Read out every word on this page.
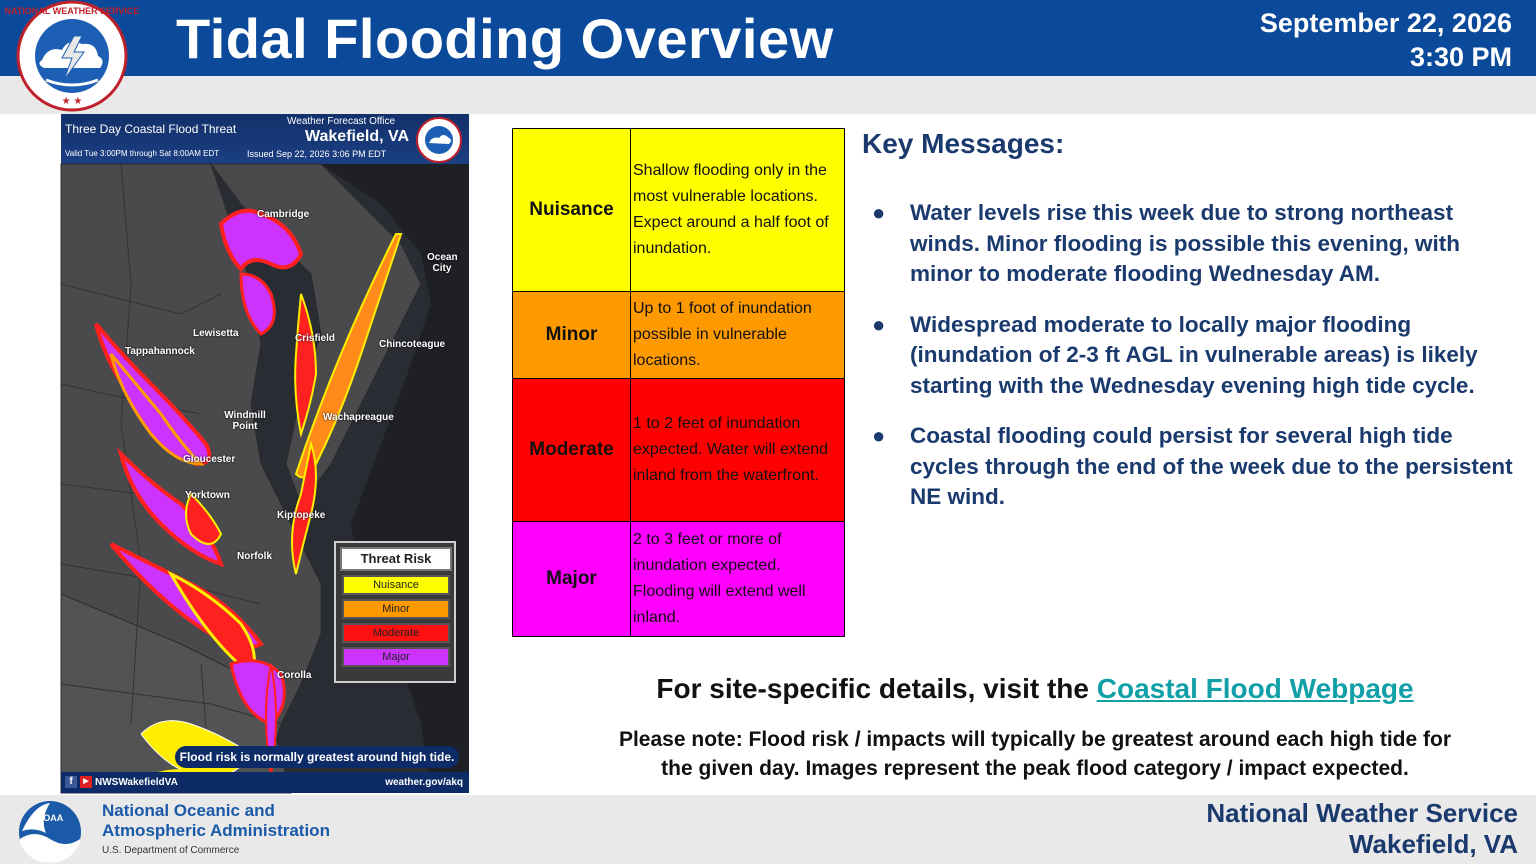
NATIONAL WEATHER SERVICE
★ ★
Tidal Flooding Overview	September 22, 2026
3:30 PM
Three Day Coastal Flood Threat
Valid Tue 3:00PM through Sat 8:00AM EDT
Weather Forecast Office
Wakefield, VA
Issued Sep 22, 2026 3:06 PM EDT
Cambridge
Ocean City
Lewisetta
Tappahannock
Crisfield
Chincoteague
Windmill Point
Wachapreague
Gloucester
Yorktown
Kiptopeke
Norfolk
Corolla
Threat Risk
Nuisance
Minor
Moderate
Major
Flood risk is normally greatest around high tide.
f	▶ NWSWakefieldVA	weather.gov/akq
Nuisance	Shallow flooding only in the most vulnerable locations. Expect around a half foot of inundation.
Minor	Up to 1 foot of inundation possible in vulnerable locations.
Moderate	1 to 2 feet of inundation expected. Water will extend inland from the waterfront.
Major	2 to 3 feet or more of inundation expected. Flooding will extend well inland.
Key Messages:
● Water levels rise this week due to strong northeast winds. Minor flooding is possible this evening, with minor to moderate flooding Wednesday AM.
● Widespread moderate to locally major flooding (inundation of 2-3 ft AGL in vulnerable areas) is likely starting with the Wednesday evening high tide cycle.
● Coastal flooding could persist for several high tide cycles through the end of the week due to the persistent NE wind.
For site-specific details, visit the Coastal Flood Webpage
Please note: Flood risk / impacts will typically be greatest around each high tide for
the given day. Images represent the peak flood category / impact expected.
NOAA National Oceanic and
Atmospheric Administration
U.S. Department of Commerce
National Weather Service
Wakefield, VA
